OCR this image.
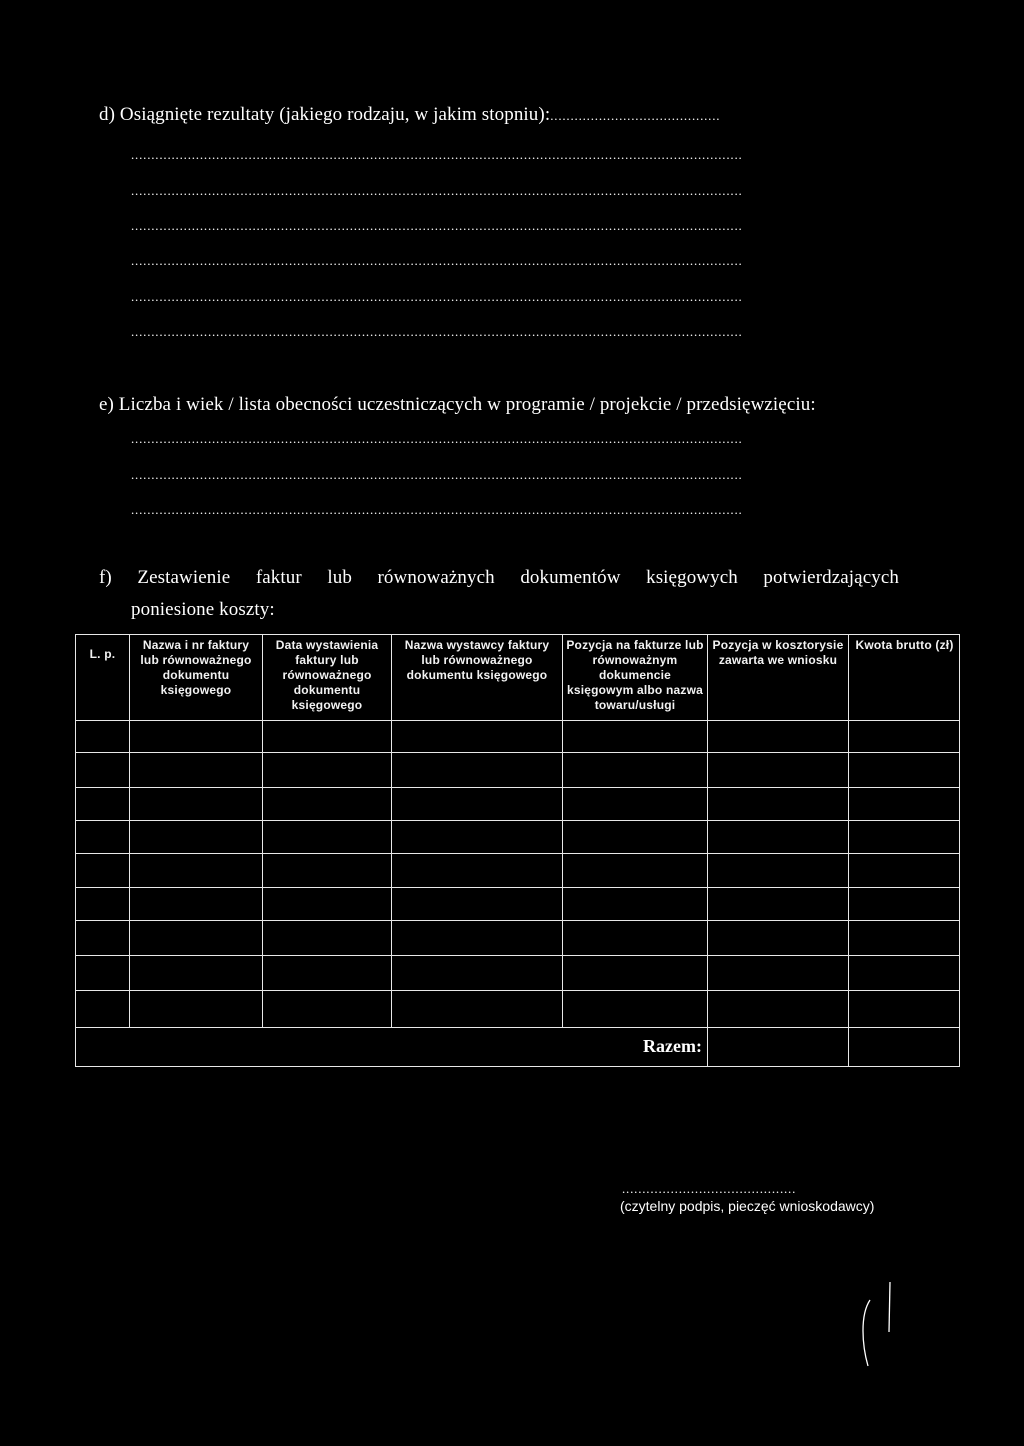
d) Osiągnięte rezultaty (jakiego rodzaju, w jakim stopniu):..........................................
.......................................................................................................................................................
.......................................................................................................................................................
.......................................................................................................................................................
.......................................................................................................................................................
.......................................................................................................................................................
.......................................................................................................................................................
e) Liczba i wiek / lista obecności uczestniczących w programie / projekcie / przedsięwzięciu:
.......................................................................................................................................................
.......................................................................................................................................................
.......................................................................................................................................................
f) Zestawienie faktur lub równoważnych dokumentów księgowych potwierdzających
poniesione koszty:
L. p.
Nazwa i nr faktury lub równoważnego dokumentu księgowego
Data wystawienia faktury lub równoważnego dokumentu księgowego
Nazwa wystawcy faktury lub równoważnego dokumentu księgowego
Pozycja na fakturze lub równoważnym dokumencie księgowym albo nazwa towaru/usługi
Pozycja w kosztorysie zawarta we wniosku
Kwota brutto (zł)
Razem:
...........................................
(czytelny podpis, pieczęć wnioskodawcy)
